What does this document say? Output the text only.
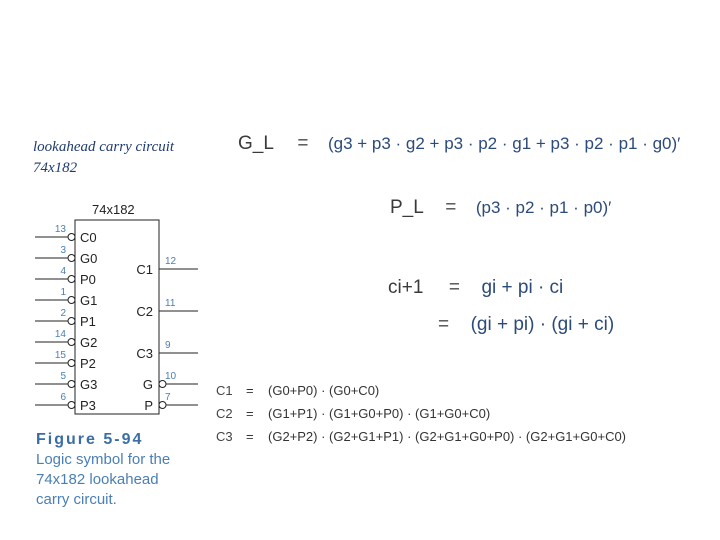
lookahead carry circuit
74x182
G_L = (g3 + p3 · g2 + p3 · p2 · g1 + p3 · p2 · p1 · g0)′
P_L = (p3 · p2 · p1 · p0)′
ci+1 = gi + pi · ci
= (gi + pi) · (gi + ci)
74x182
13
C0
3
G0
4
P0
1
G1
2
P1
14
G2
15
P2
5
G3
6
P3
12
C1
11
C2
9
C3
10
G
7
P
Figure 5-94
Logic symbol for the
74x182 lookahead
carry circuit.
C1 = (G0+P0) · (G0+C0)
C2 = (G1+P1) · (G1+G0+P0) · (G1+G0+C0)
C3 = (G2+P2) · (G2+G1+P1) · (G2+G1+G0+P0) · (G2+G1+G0+C0)
